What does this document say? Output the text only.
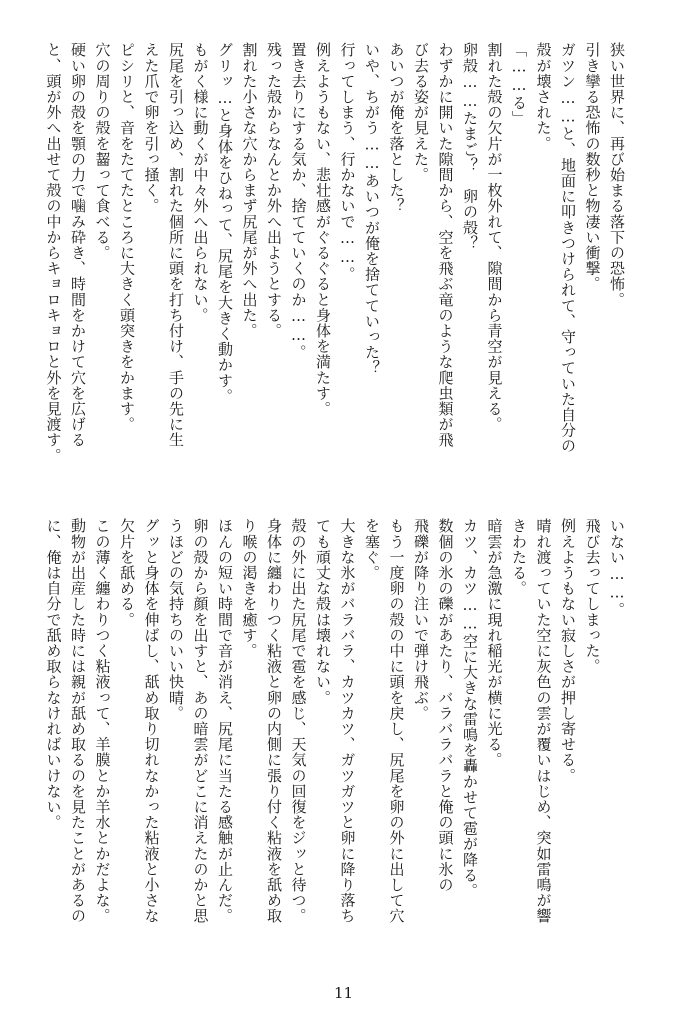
狭い世界に、再び始まる落下の恐怖。
引き攣る恐怖の数秒と物凄い衝撃。
ガツン……と、地面に叩きつけられて、守っていた自分の
殻が壊された。
「……る」
割れた殻の欠片が一枚外れて、隙間から青空が見える。
卵殻……たまご？　卵の殻？
わずかに開いた隙間から、空を飛ぶ竜のような爬虫類が飛
び去る姿が見えた。
あいつが俺を落とした？
いや、ちがう……あいつが俺を捨てていった？
行ってしまう、行かないで……。
例えようもない、悲壮感がぐるぐると身体を満たす。
置き去りにする気か、捨てていくのか……。
残った殻からなんとか外へ出ようとする。
割れた小さな穴からまず尻尾が外へ出た。
グリッ…と身体をひねって、尻尾を大きく動かす。
もがく様に動くが中々外へ出られない。
尻尾を引っ込め、割れた個所に頭を打ち付け、手の先に生
えた爪で卵を引っ掻く。
ピシリと、音をたてたところに大きく頭突きをかます。
穴の周りの殻を齧って食べる。
硬い卵の殻を顎の力で噛み砕き、時間をかけて穴を広げる
と、頭が外へ出せて殻の中からキョロキョロと外を見渡す。
いない……。
飛び去ってしまった。
例えようもない寂しさが押し寄せる。
晴れ渡っていた空に灰色の雲が覆いはじめ、突如雷鳴が響
きわたる。
暗雲が急激に現れ稲光が横に光る。
カツ、カツ……空に大きな雷鳴を轟かせて雹が降る。
数個の氷の礫があたり、バラバラバラと俺の頭に氷の
飛礫が降り注いで弾け飛ぶ。
もう一度卵の殻の中に頭を戻し、尻尾を卵の外に出して穴
を塞ぐ。
大きな氷がバラバラ、カツカツ、ガツガツと卵に降り落ち
ても頑丈な殻は壊れない。
殻の外に出た尻尾で雹を感じ、天気の回復をジッと待つ。
身体に纏わりつく粘液と卵の内側に張り付く粘液を舐め取
り喉の渇きを癒す。
ほんの短い時間で音が消え、尻尾に当たる感触が止んだ。
卵の殻から顔を出すと、あの暗雲がどこに消えたのかと思
うほどの気持ちのいい快晴。
グッと身体を伸ばし、舐め取り切れなかった粘液と小さな
欠片を舐める。
この薄く纏わりつく粘液って、羊膜とか羊水とかだよな。
動物が出産した時には親が舐め取るのを見たことがあるの
に、俺は自分で舐め取らなければいけない。
11
